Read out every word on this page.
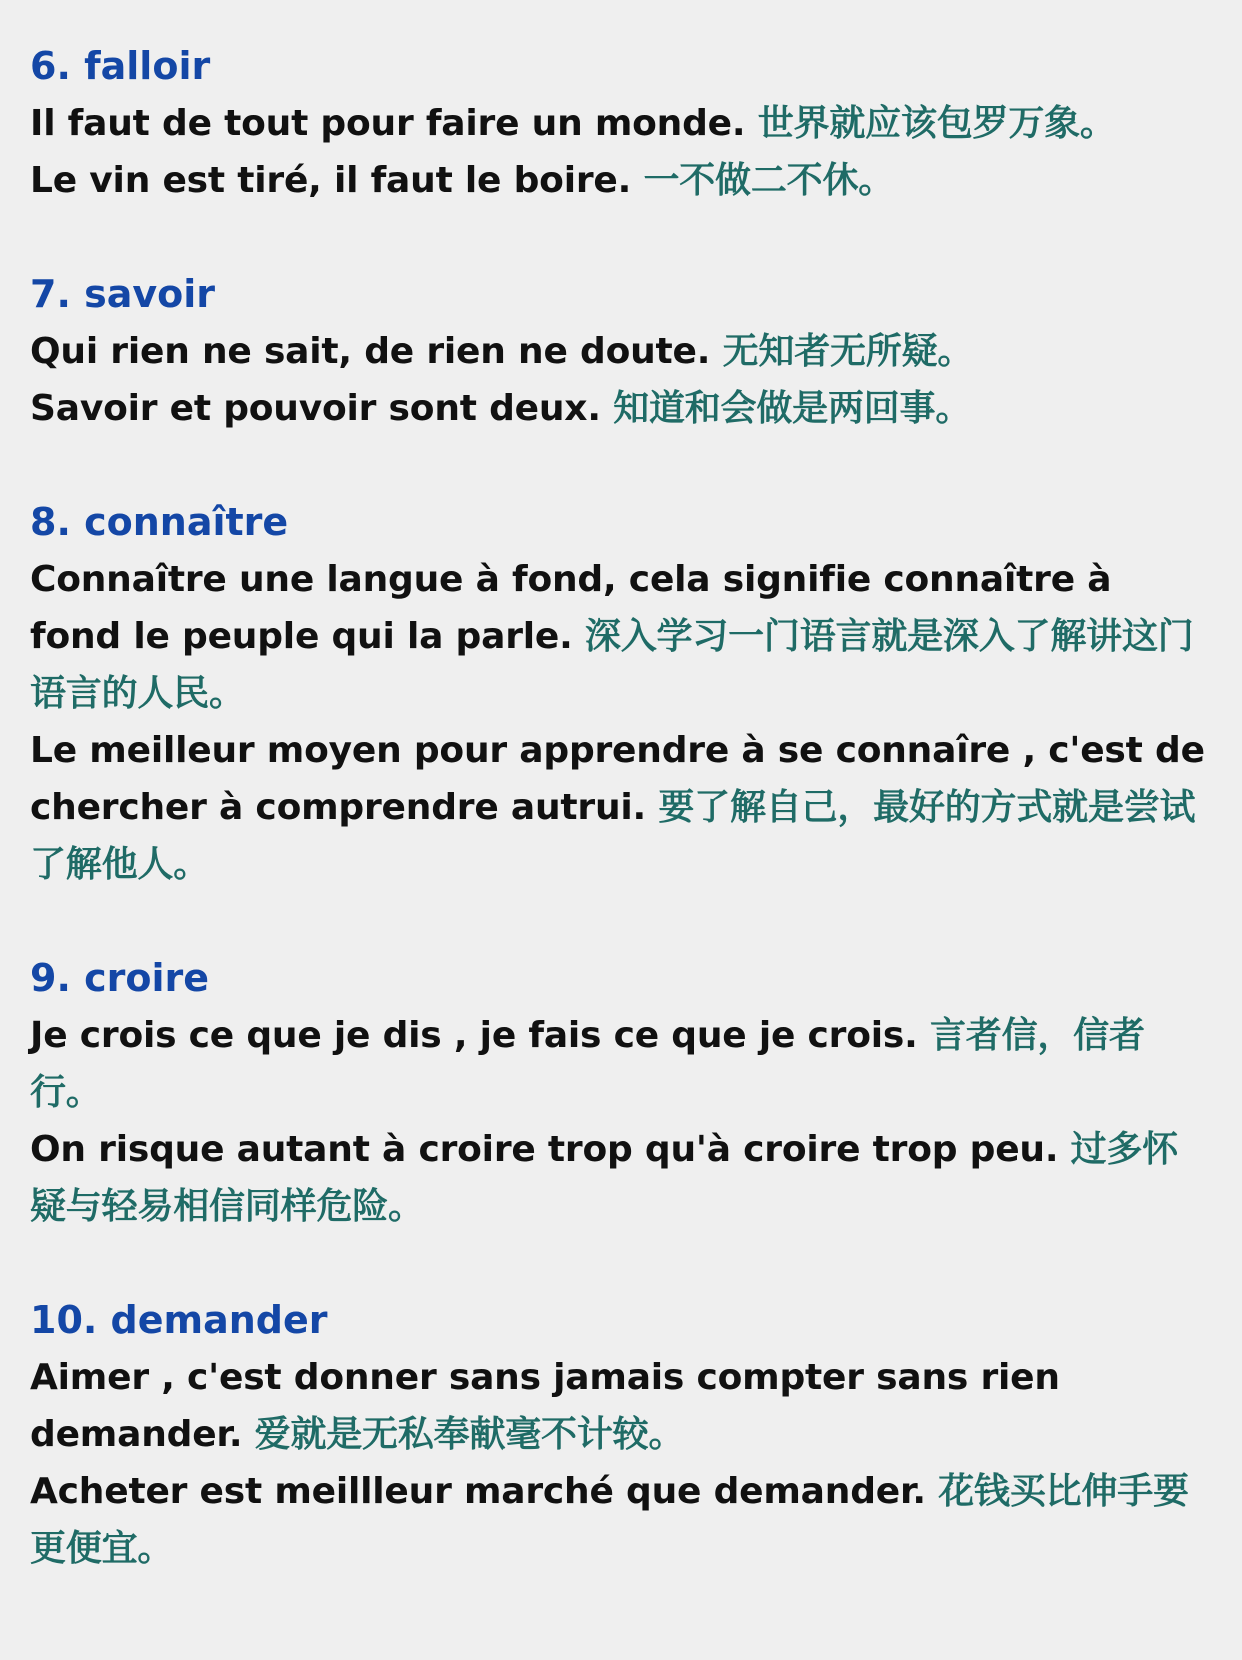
6. falloir

Il faut de tout pour faire un monde. 世界就应该包罗万象。

Le vin est tiré, il faut le boire. 一不做二不休。

7. savoir

Qui rien ne sait, de rien ne doute. 无知者无所疑。

Savoir et pouvoir sont deux. 知道和会做是两回事。

8. connaître

Connaître une langue à fond, cela signifie connaître à fond le peuple qui la parle. 深入学习一门语言就是深入了解讲这门语言的人民。

Le meilleur moyen pour apprendre à se connaîre , c'est de chercher à comprendre autrui. 要了解自己，最好的方式就是尝试了解他人。

9. croire

Je crois ce que je dis , je fais ce que je crois. 言者信，信者行。

On risque autant à croire trop qu'à croire trop peu. 过多怀疑与轻易相信同样危险。

10. demander

Aimer , c'est donner sans jamais compter sans rien demander. 爱就是无私奉献毫不计较。

Acheter est meillleur marché que demander. 花钱买比伸手要更便宜。
